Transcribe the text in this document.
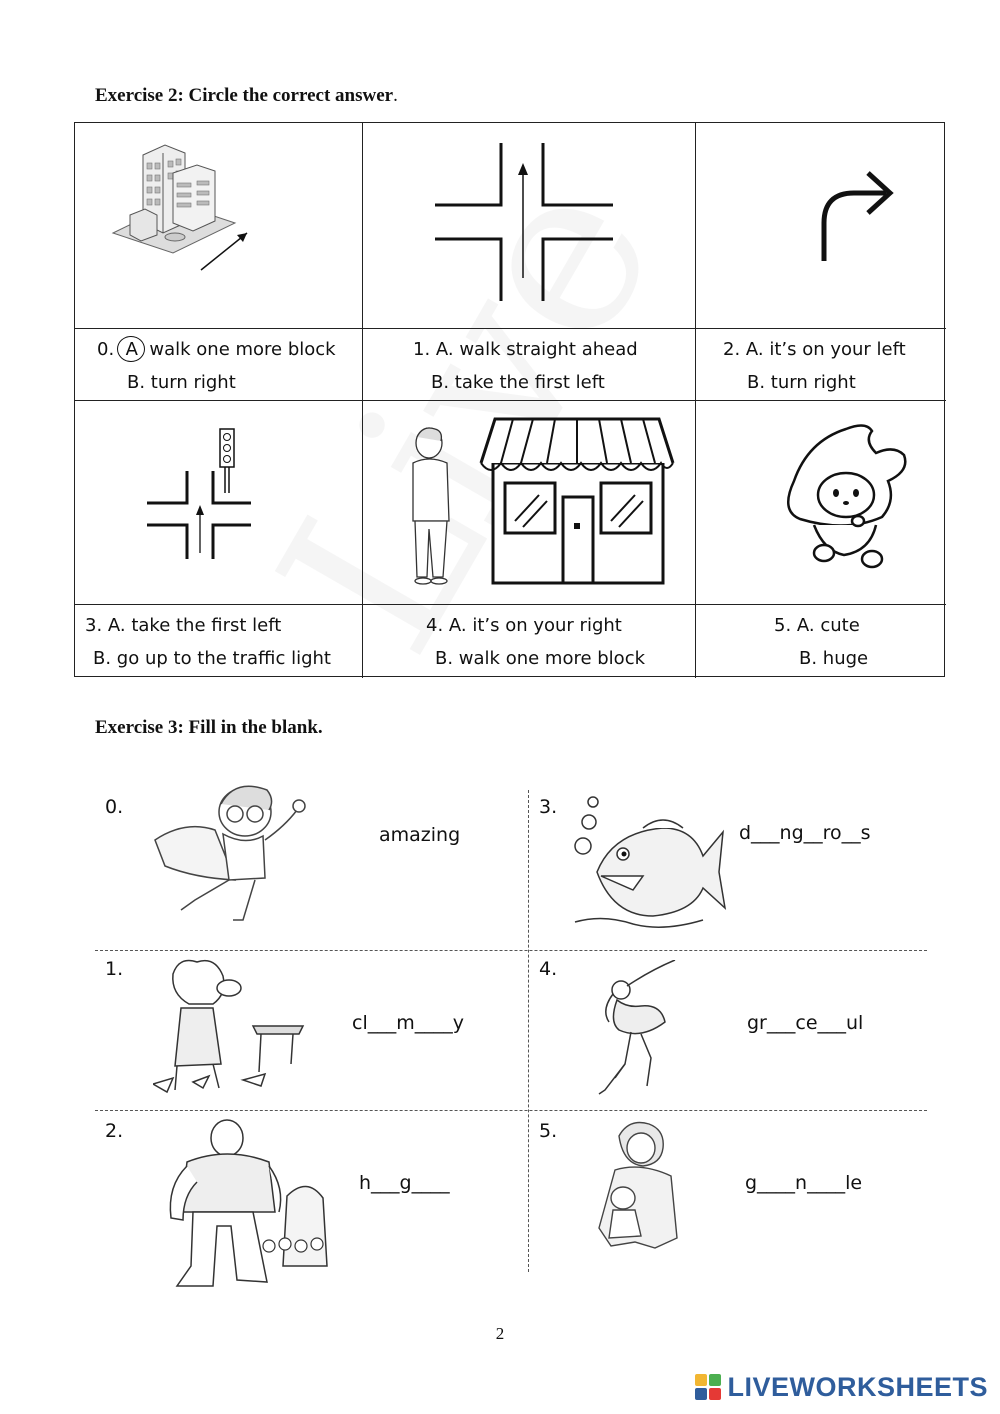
Exercise 2: Circle the correct answer.
0.  A  walk one more block
B. turn right
1. A. walk straight ahead
B. take the first left
2. A. it’s on your left
B. turn right
3. A. take the first left
B. go up to the traffic light
4. A. it’s on your right
B. walk one more block
5. A. cute
B. huge
Exercise 3: Fill in the blank.
0.
amazing
3.
d___ng__ro__s
1.
cl___m____y
4.
gr___ce___ul
2.
h___g____
5.
g____n____le
2
LIVEWORKSHEETS
